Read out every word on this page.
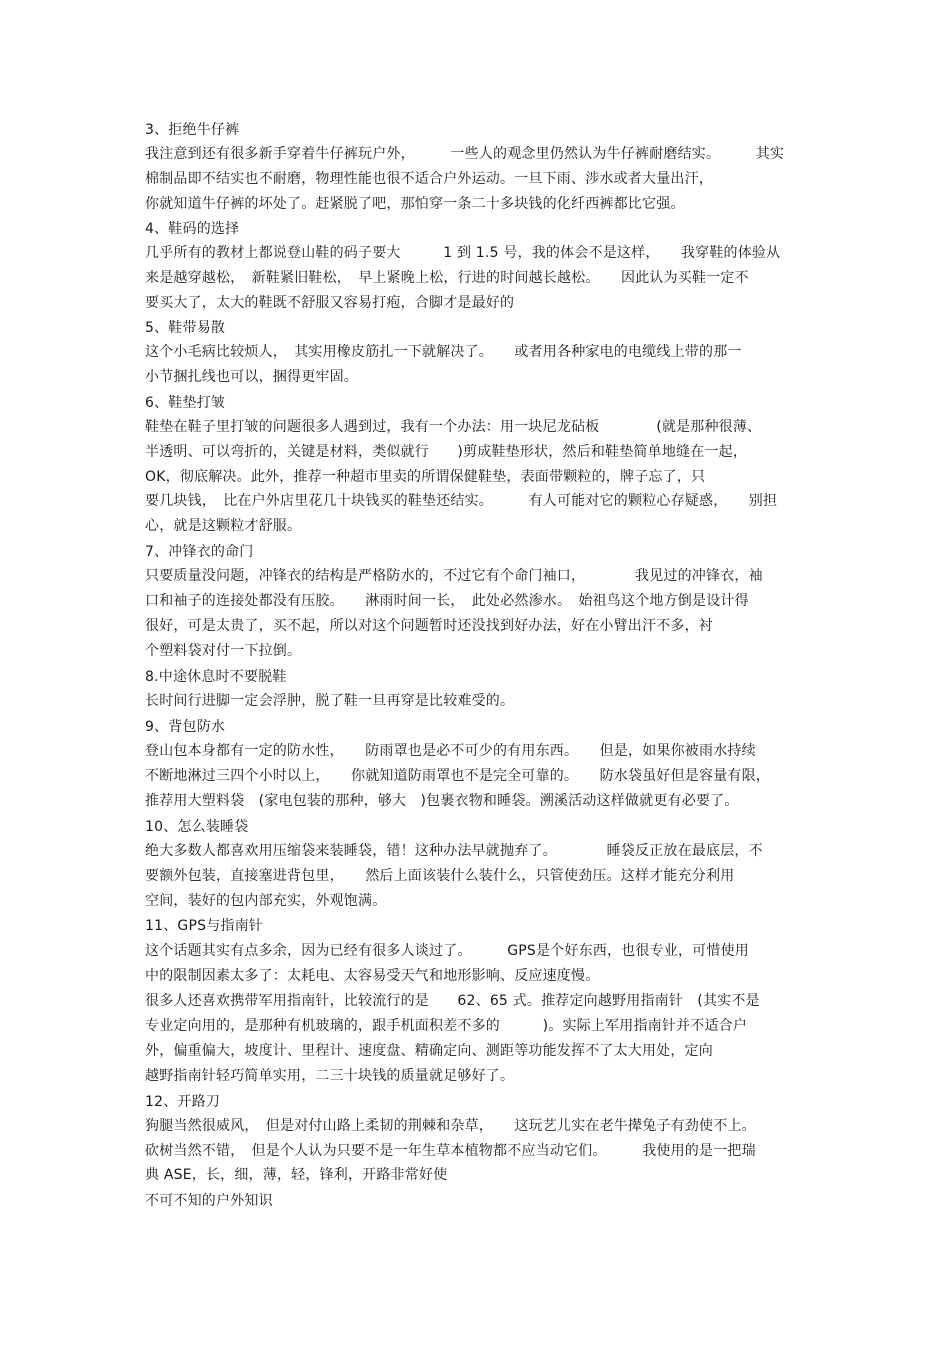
3、拒绝牛仔裤
我注意到还有很多新手穿着牛仔裤玩户外，　　　一些人的观念里仍然认为牛仔裤耐磨结实。　　　其实
棉制品即不结实也不耐磨，物理性能也很不适合户外运动。一旦下雨、涉水或者大量出汗，
你就知道牛仔裤的坏处了。赶紧脱了吧，那怕穿一条二十多块钱的化纤西裤都比它强。
4、鞋码的选择
几乎所有的教材上都说登山鞋的码子要大　　　1 到 1.5 号，我的体会不是这样，　　我穿鞋的体验从
来是越穿越松，　新鞋紧旧鞋松，　早上紧晚上松，行进的时间越长越松。　　因此认为买鞋一定不
要买大了，太大的鞋既不舒服又容易打疱，合脚才是最好的
5、鞋带易散
这个小毛病比较烦人，　其实用橡皮筋扎一下就解决了。　　或者用各种家电的电缆线上带的那一
小节捆扎线也可以，捆得更牢固。
6、鞋垫打皱
鞋垫在鞋子里打皱的问题很多人遇到过，我有一个办法：用一块尼龙砧板　　　　(就是那种很薄、
半透明、可以弯折的，关键是材料，类似就行　　)剪成鞋垫形状，然后和鞋垫简单地缝在一起，
OK，彻底解决。此外，推荐一种超市里卖的所谓保健鞋垫，表面带颗粒的，牌子忘了，只
要几块钱，　比在户外店里花几十块钱买的鞋垫还结实。　　　有人可能对它的颗粒心存疑惑，　　别担
心，就是这颗粒才舒服。
7、冲锋衣的命门
只要质量没问题，冲锋衣的结构是严格防水的，不过它有个命门袖口，　　　　我见过的冲锋衣，袖
口和袖子的连接处都没有压胶。　　淋雨时间一长，　此处必然渗水。　始祖鸟这个地方倒是设计得
很好，可是太贵了，买不起，所以对这个问题暂时还没找到好办法，好在小臂出汗不多，衬
个塑料袋对付一下拉倒。
8.中途休息时不要脱鞋
长时间行进脚一定会浮肿，脱了鞋一旦再穿是比较难受的。
9、背包防水
登山包本身都有一定的防水性，　　防雨罩也是必不可少的有用东西。　　但是，如果你被雨水持续
不断地淋过三四个小时以上，　　你就知道防雨罩也不是完全可靠的。　　防水袋虽好但是容量有限，
推荐用大塑料袋　(家电包装的那种，够大　)包裹衣物和睡袋。溯溪活动这样做就更有必要了。
10、怎么装睡袋
绝大多数人都喜欢用压缩袋来装睡袋，错！这种办法早就抛弃了。　　　　睡袋反正放在最底层，不
要额外包装，直接塞进背包里，　　然后上面该装什么装什么，只管使劲压。这样才能充分利用
空间，装好的包内部充实，外观饱满。
11、GPS与指南针
这个话题其实有点多余，因为已经有很多人谈过了。　　　GPS是个好东西，也很专业，可惜使用
中的限制因素太多了：太耗电、太容易受天气和地形影响、反应速度慢。
很多人还喜欢携带军用指南针，比较流行的是　　62、65 式。推荐定向越野用指南针　(其实不是
专业定向用的，是那种有机玻璃的，跟手机面积差不多的　　　)。实际上军用指南针并不适合户
外，偏重偏大，坡度计、里程计、速度盘、精确定向、测距等功能发挥不了太大用处，定向
越野指南针轻巧简单实用，二三十块钱的质量就足够好了。
12、开路刀
狗腿当然很威风，　但是对付山路上柔韧的荆棘和杂草，　　这玩艺儿实在老牛撵兔子有劲使不上。
砍树当然不错，　但是个人认为只要不是一年生草本植物都不应当动它们。　　　我使用的是一把瑞
典 ASE，长，细，薄，轻，锋利，开路非常好使
不可不知的户外知识
